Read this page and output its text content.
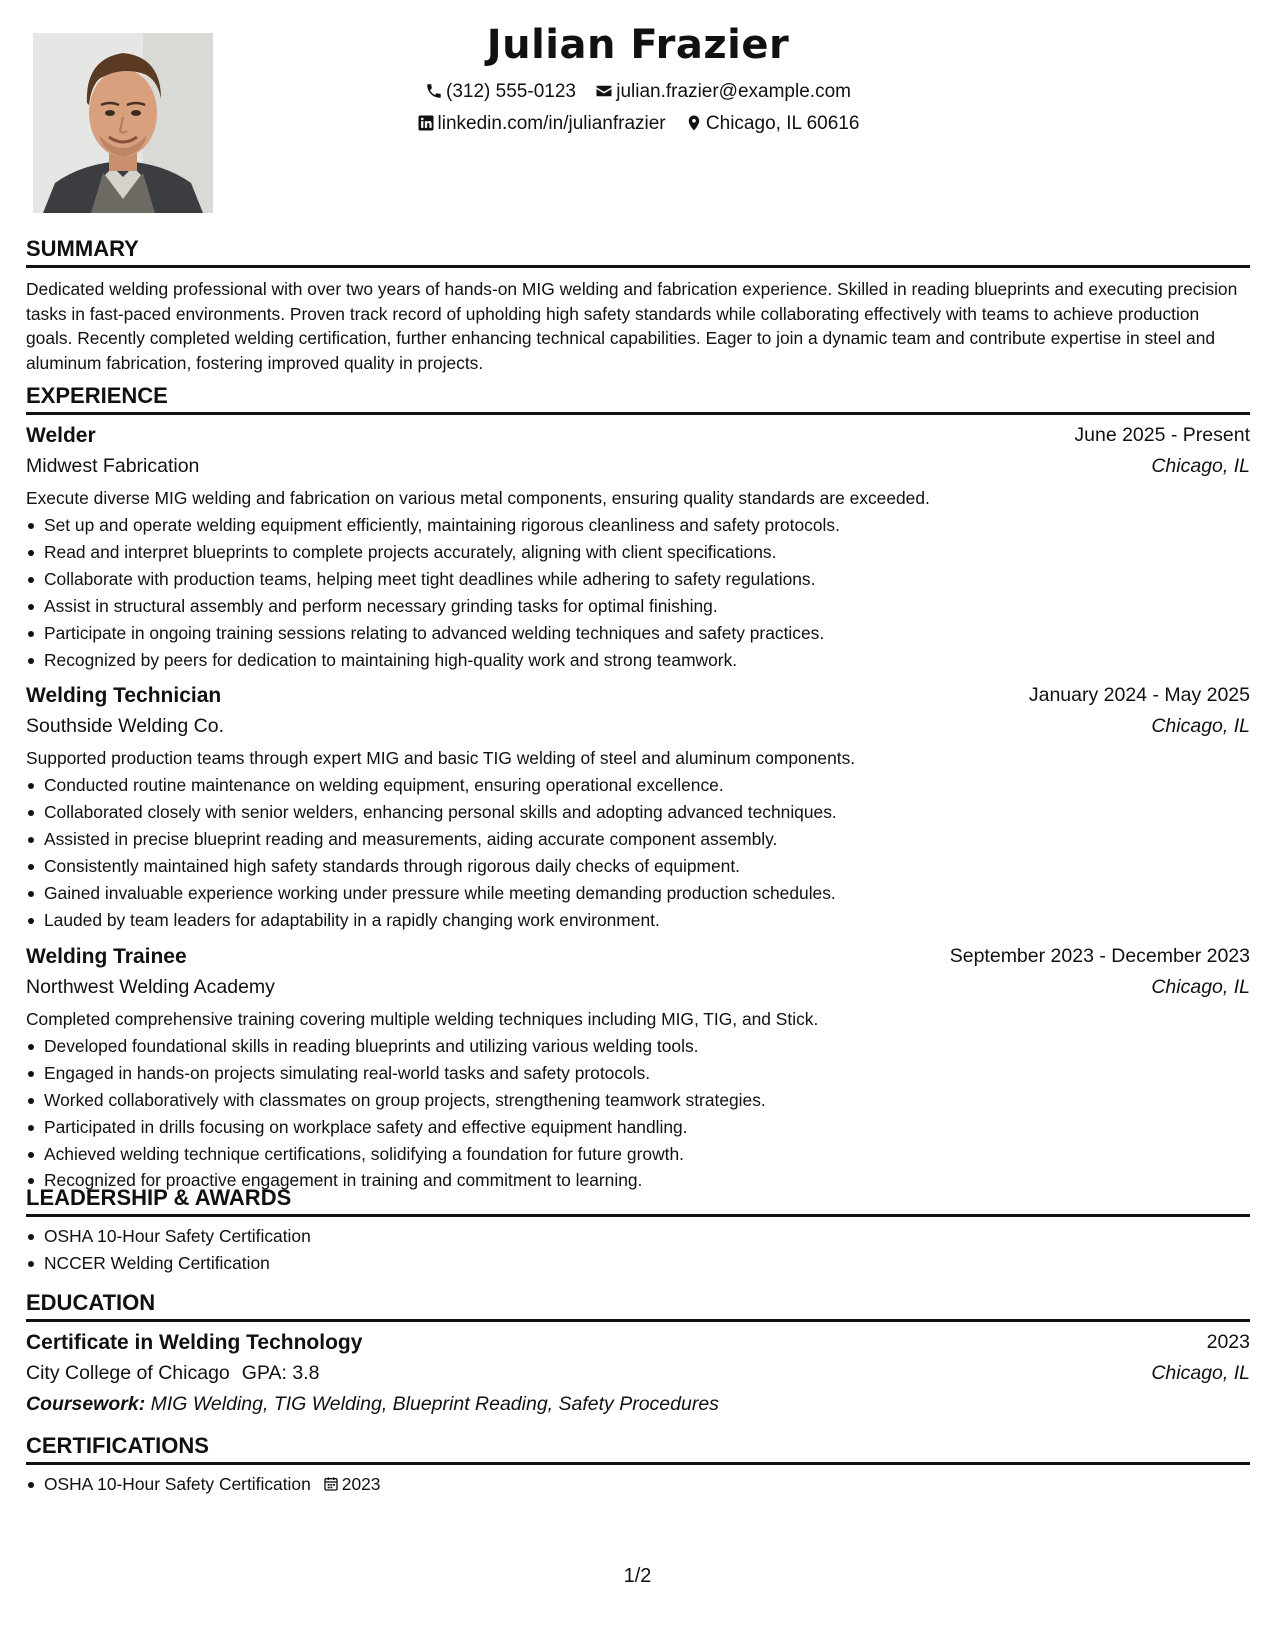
Julian Frazier
(312) 555-0123 julian.frazier@example.com
linkedin.com/in/julianfrazier Chicago, IL 60616
SUMMARY
Dedicated welding professional with over two years of hands-on MIG welding and fabrication experience. Skilled in reading blueprints and executing precision tasks in fast-paced environments. Proven track record of upholding high safety standards while collaborating effectively with teams to achieve production goals. Recently completed welding certification, further enhancing technical capabilities. Eager to join a dynamic team and contribute expertise in steel and aluminum fabrication, fostering improved quality in projects.
EXPERIENCE
Welder	June 2025 - Present
Midwest Fabrication	Chicago, IL
Execute diverse MIG welding and fabrication on various metal components, ensuring quality standards are exceeded.
Set up and operate welding equipment efficiently, maintaining rigorous cleanliness and safety protocols.
Read and interpret blueprints to complete projects accurately, aligning with client specifications.
Collaborate with production teams, helping meet tight deadlines while adhering to safety regulations.
Assist in structural assembly and perform necessary grinding tasks for optimal finishing.
Participate in ongoing training sessions relating to advanced welding techniques and safety practices.
Recognized by peers for dedication to maintaining high-quality work and strong teamwork.
Welding Technician	January 2024 - May 2025
Southside Welding Co.	Chicago, IL
Supported production teams through expert MIG and basic TIG welding of steel and aluminum components.
Conducted routine maintenance on welding equipment, ensuring operational excellence.
Collaborated closely with senior welders, enhancing personal skills and adopting advanced techniques.
Assisted in precise blueprint reading and measurements, aiding accurate component assembly.
Consistently maintained high safety standards through rigorous daily checks of equipment.
Gained invaluable experience working under pressure while meeting demanding production schedules.
Lauded by team leaders for adaptability in a rapidly changing work environment.
Welding Trainee	September 2023 - December 2023
Northwest Welding Academy	Chicago, IL
Completed comprehensive training covering multiple welding techniques including MIG, TIG, and Stick.
Developed foundational skills in reading blueprints and utilizing various welding tools.
Engaged in hands-on projects simulating real-world tasks and safety protocols.
Worked collaboratively with classmates on group projects, strengthening teamwork strategies.
Participated in drills focusing on workplace safety and effective equipment handling.
Achieved welding technique certifications, solidifying a foundation for future growth.
Recognized for proactive engagement in training and commitment to learning.
LEADERSHIP & AWARDS
OSHA 10-Hour Safety Certification
NCCER Welding Certification
EDUCATION
Certificate in Welding Technology	2023
City College of Chicago GPA: 3.8	Chicago, IL
Coursework: MIG Welding, TIG Welding, Blueprint Reading, Safety Procedures
CERTIFICATIONS
OSHA 10-Hour Safety Certification 2023
1/2
